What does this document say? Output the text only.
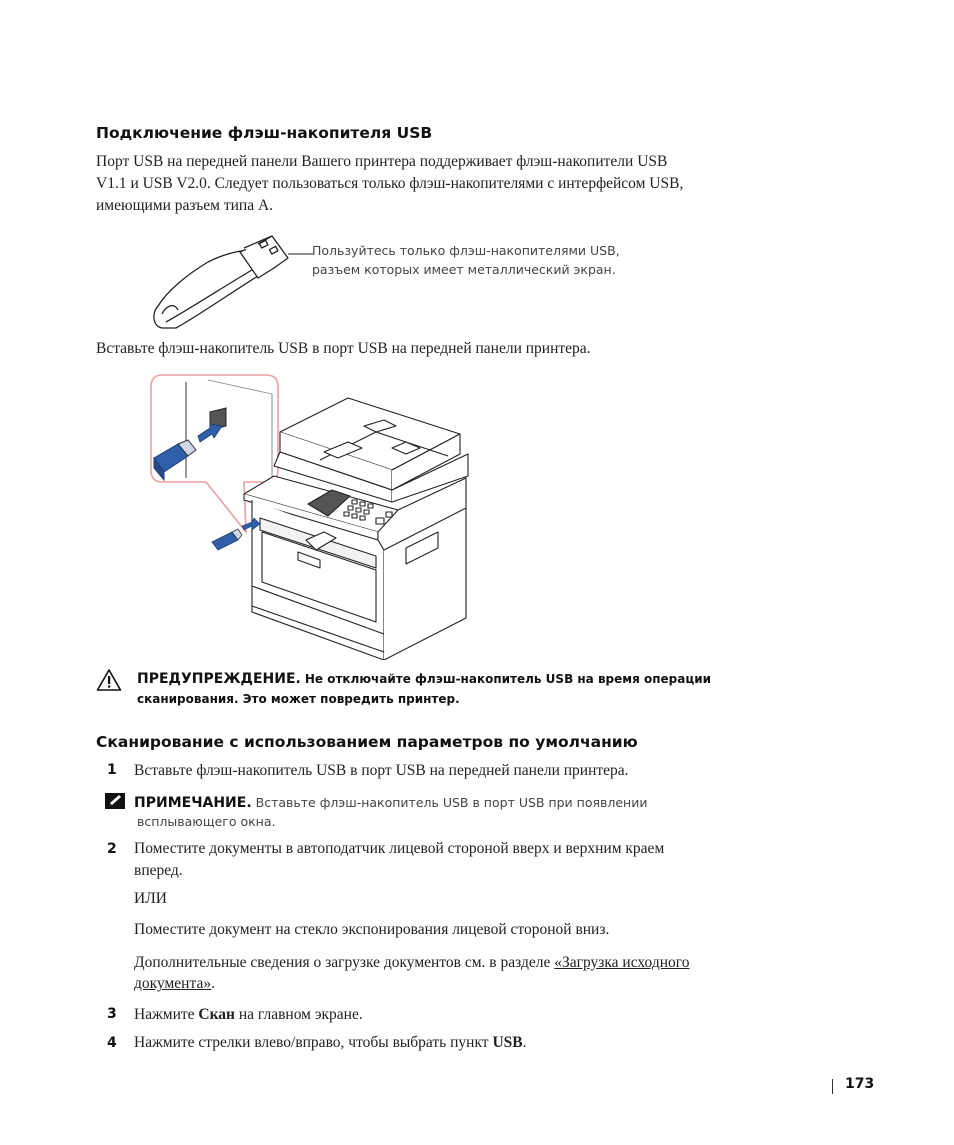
Подключение флэш-накопителя USB
Порт USB на передней панели Вашего принтера поддерживает флэш-накопители USB
V1.1 и USB V2.0. Следует пользоваться только флэш-накопителями с интерфейсом USB,
имеющими разъем типа A.
Пользуйтесь только флэш-накопителями USB,
разъем которых имеет металлический экран.
Вставьте флэш-накопитель USB в порт USB на передней панели принтера.
ПРЕДУПРЕЖДЕНИЕ. Не отключайте флэш-накопитель USB на время операции
сканирования. Это может повредить принтер.
Сканирование с использованием параметров по умолчанию
1 Вставьте флэш-накопитель USB в порт USB на передней панели принтера.
ПРИМЕЧАНИЕ. Вставьте флэш-накопитель USB в порт USB при появлении
всплывающего окна.
2 Поместите документы в автоподатчик лицевой стороной вверх и верхним краем
вперед.
ИЛИ
Поместите документ на стекло экспонирования лицевой стороной вниз.
Дополнительные сведения о загрузке документов см. в разделе «Загрузка исходного
документа».
3 Нажмите Скан на главном экране.
4 Нажмите стрелки влево/вправо, чтобы выбрать пункт USB.
173
